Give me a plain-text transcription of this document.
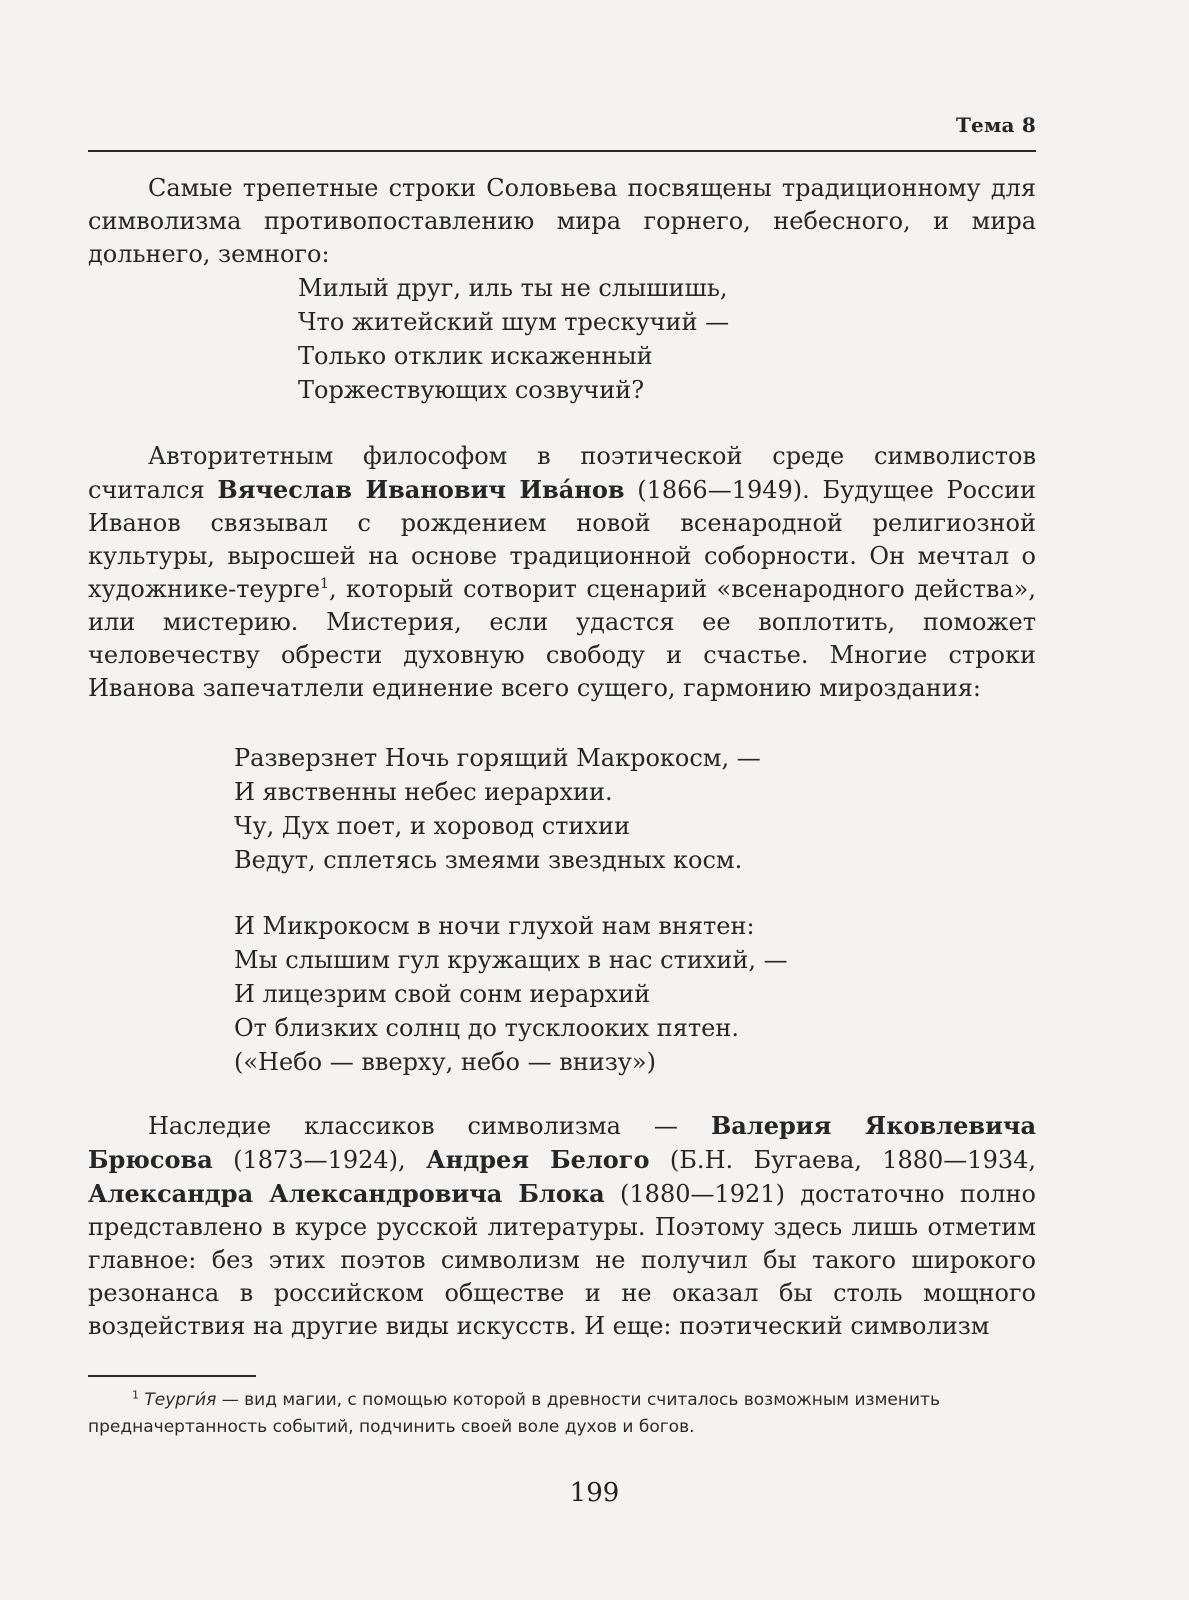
Тема 8

Самые трепетные строки Соловьева посвящены традиционному для символизма противопоставлению мира горнего, небесного, и мира дольнего, земного:

Милый друг, иль ты не слышишь,
Что житейский шум трескучий —
Только отклик искаженный
Торжествующих созвучий?

Авторитетным философом в поэтической среде символистов считался Вячеслав Иванович Ива́нов (1866—1949). Будущее России Иванов связывал с рождением новой всенародной религиозной культуры, выросшей на основе традиционной соборности. Он мечтал о художнике-теурге$^1$, который сотворит сценарий «всенародного действа», или мистерию. Мистерия, если удастся ее воплотить, поможет человечеству обрести духовную свободу и счастье. Многие строки Иванова запечатлели единение всего сущего, гармонию мироздания:

Разверзнет Ночь горящий Макрокосм, —
И явственны небес иерархии.
Чу, Дух поет, и хоровод стихии
Ведут, сплетясь змеями звездных косм.
И Микрокосм в ночи глухой нам внятен:
Мы слышим гул кружащих в нас стихий, —
И лицезрим свой сонм иерархий
От близких солнц до тусклооких пятен.
(«Небо — вверху, небо — внизу»)

Наследие классиков символизма — Валерия Яковлевича Брюсова (1873—1924), Андрея Белого (Б.Н. Бугаева, 1880—1934, Александра Александровича Блока (1880—1921) достаточно полно представлено в курсе русской литературы. Поэтому здесь лишь отметим главное: без этих поэтов символизм не получил бы такого широкого резонанса в российском обществе и не оказал бы столь мощного воздействия на другие виды искусств. И еще: поэтический символизм

$^1$ Теурги́я — вид магии, с помощью которой в древности считалось возможным изменить предначертанность событий, подчинить своей воле духов и богов.

199
